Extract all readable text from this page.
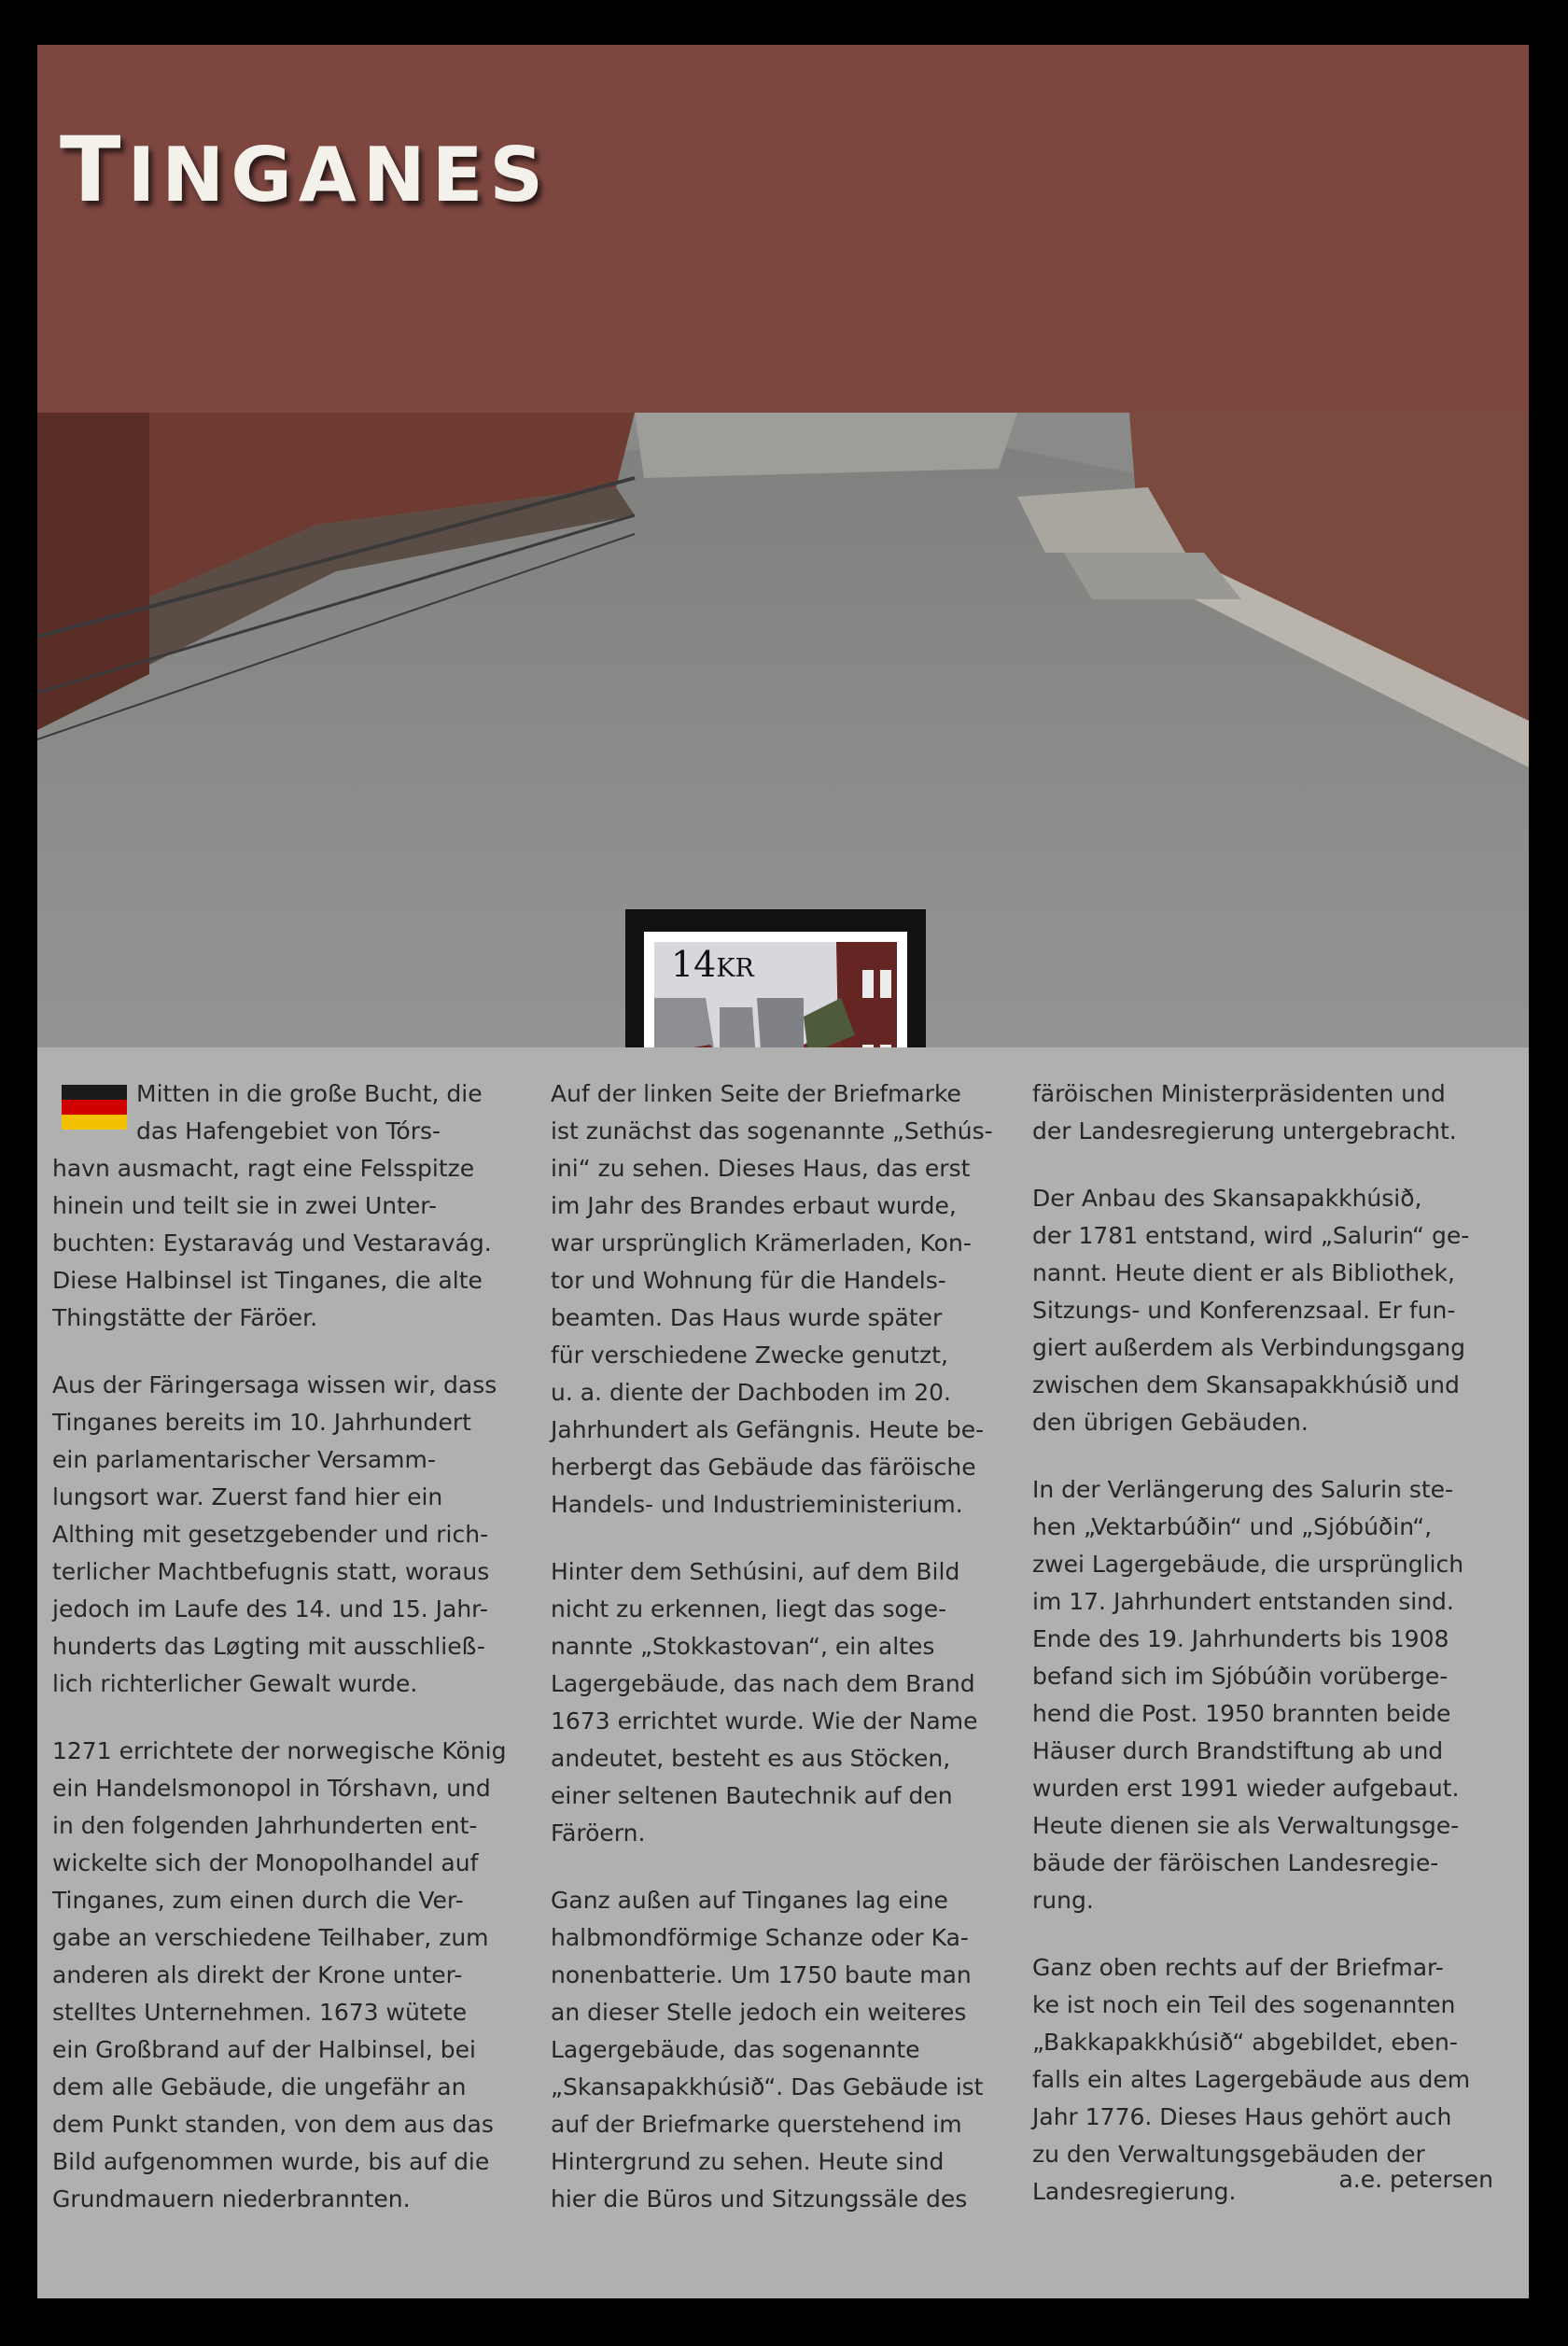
TINGANES
14KR

Mitten in die große Bucht, die
das Hafengebiet von Tórs-
havn ausmacht, ragt eine Felsspitze
hinein und teilt sie in zwei Unter-
buchten: Eystaravág und Vestaravág.
Diese Halbinsel ist Tinganes, die alte
Thingstätte der Färöer.

Aus der Färingersaga wissen wir, dass
Tinganes bereits im 10. Jahrhundert
ein parlamentarischer Versamm-
lungsort war. Zuerst fand hier ein
Althing mit gesetzgebender und rich-
terlicher Machtbefugnis statt, woraus
jedoch im Laufe des 14. und 15. Jahr-
hunderts das Løgting mit ausschließ-
lich richterlicher Gewalt wurde.

1271 errichtete der norwegische König
ein Handelsmonopol in Tórshavn, und
in den folgenden Jahrhunderten ent-
wickelte sich der Monopolhandel auf
Tinganes, zum einen durch die Ver-
gabe an verschiedene Teilhaber, zum
anderen als direkt der Krone unter-
stelltes Unternehmen. 1673 wütete
ein Großbrand auf der Halbinsel, bei
dem alle Gebäude, die ungefähr an
dem Punkt standen, von dem aus das
Bild aufgenommen wurde, bis auf die
Grundmauern niederbrannten.

Auf der linken Seite der Briefmarke
ist zunächst das sogenannte „Sethús-
ini“ zu sehen. Dieses Haus, das erst
im Jahr des Brandes erbaut wurde,
war ursprünglich Krämerladen, Kon-
tor und Wohnung für die Handels-
beamten. Das Haus wurde später
für verschiedene Zwecke genutzt,
u. a. diente der Dachboden im 20.
Jahrhundert als Gefängnis. Heute be-
herbergt das Gebäude das färöische
Handels- und Industrieministerium.

Hinter dem Sethúsini, auf dem Bild
nicht zu erkennen, liegt das soge-
nannte „Stokkastovan“, ein altes
Lagergebäude, das nach dem Brand
1673 errichtet wurde. Wie der Name
andeutet, besteht es aus Stöcken,
einer seltenen Bautechnik auf den
Färöern.

Ganz außen auf Tinganes lag eine
halbmondförmige Schanze oder Ka-
nonenbatterie. Um 1750 baute man
an dieser Stelle jedoch ein weiteres
Lagergebäude, das sogenannte
„Skansapakkhúsið“. Das Gebäude ist
auf der Briefmarke querstehend im
Hintergrund zu sehen. Heute sind
hier die Büros und Sitzungssäle des

färöischen Ministerpräsidenten und
der Landesregierung untergebracht.

Der Anbau des Skansapakkhúsið,
der 1781 entstand, wird „Salurin“ ge-
nannt. Heute dient er als Bibliothek,
Sitzungs- und Konferenzsaal. Er fun-
giert außerdem als Verbindungsgang
zwischen dem Skansapakkhúsið und
den übrigen Gebäuden.

In der Verlängerung des Salurin ste-
hen „Vektarbúðin“ und „Sjóbúðin“,
zwei Lagergebäude, die ursprünglich
im 17. Jahrhundert entstanden sind.
Ende des 19. Jahrhunderts bis 1908
befand sich im Sjóbúðin vorüberge-
hend die Post. 1950 brannten beide
Häuser durch Brandstiftung ab und
wurden erst 1991 wieder aufgebaut.
Heute dienen sie als Verwaltungsge-
bäude der färöischen Landesregie-
rung.

Ganz oben rechts auf der Briefmar-
ke ist noch ein Teil des sogenannten
„Bakkapakkhúsið“ abgebildet, eben-
falls ein altes Lagergebäude aus dem
Jahr 1776. Dieses Haus gehört auch
zu den Verwaltungsgebäuden der
Landesregierung.	a.e. petersen
